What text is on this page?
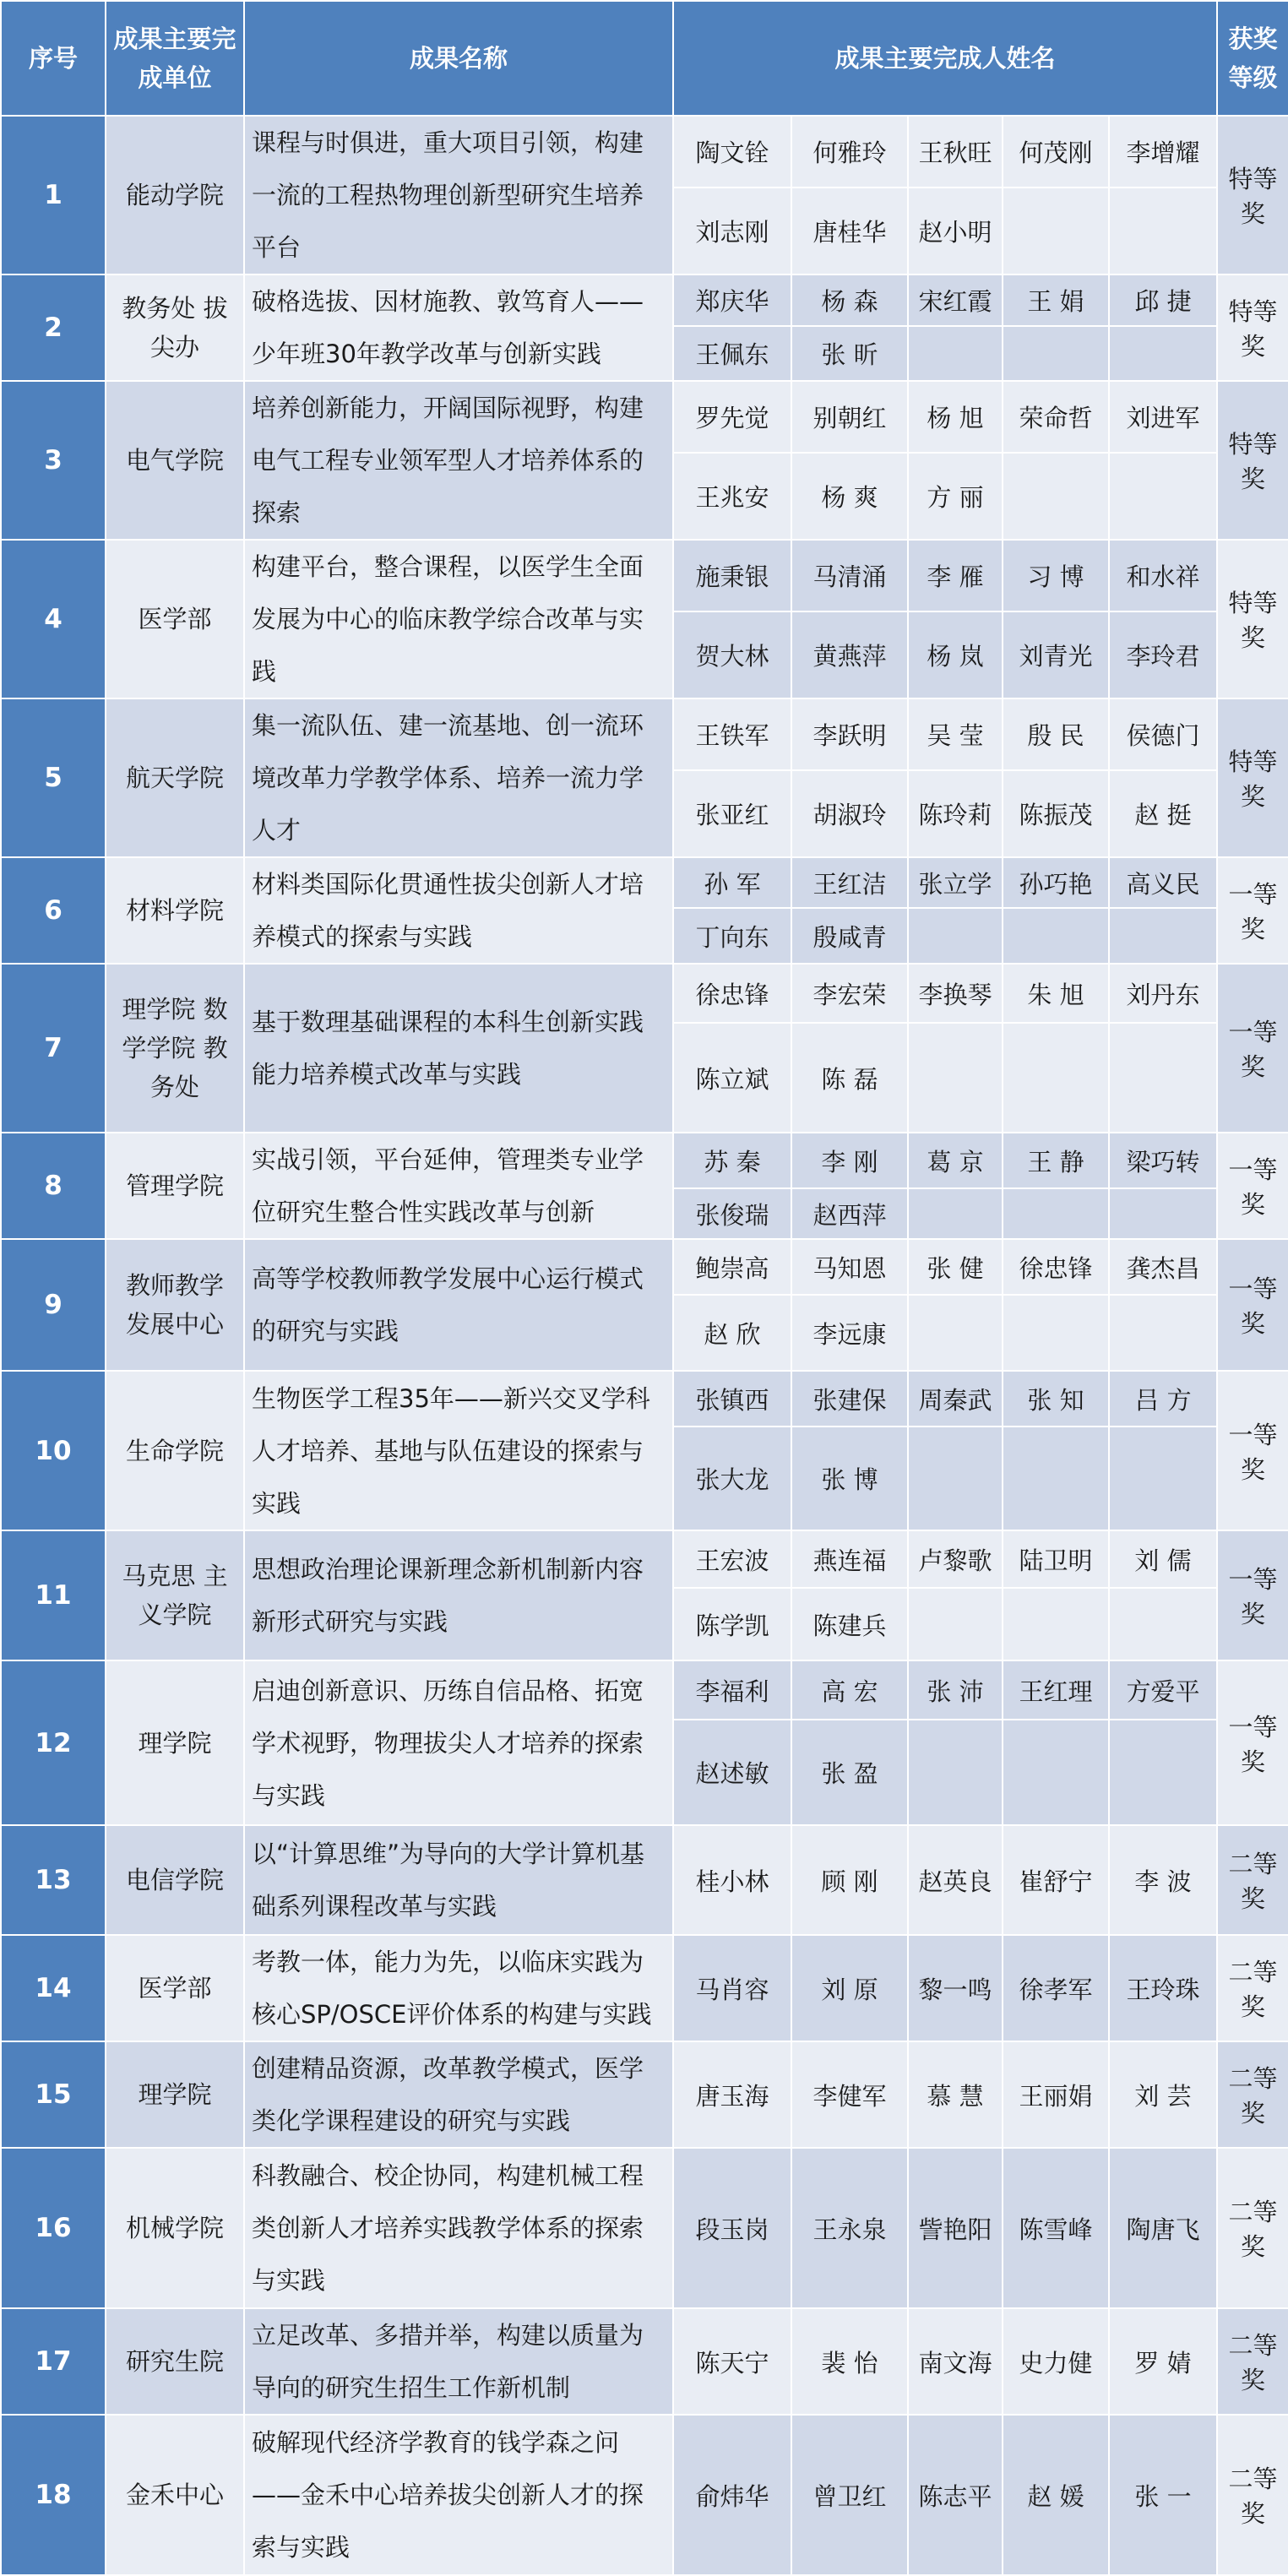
序号	成果主要完成单位	成果名称	成果主要完成人姓名					获奖等级
1	能动学院	课程与时俱进，重大项目引领，构建一流的工程热物理创新型研究生培养平台	陶文铨	何雅玲	王秋旺	何茂刚	李增耀	特等奖
			刘志刚	唐桂华	赵小明			
2	教务处 拔尖办	破格选拔、因材施教、敦笃育人——少年班30年教学改革与创新实践	郑庆华	杨 森	宋红霞	王 娟	邱 捷	特等奖
			王佩东	张 昕				
3	电气学院	培养创新能力，开阔国际视野，构建电气工程专业领军型人才培养体系的探索	罗先觉	别朝红	杨 旭	荣命哲	刘进军	特等奖
			王兆安	杨 爽	方 丽			
4	医学部	构建平台，整合课程，以医学生全面发展为中心的临床教学综合改革与实践	施秉银	马清涌	李 雁	习 博	和水祥	特等奖
			贺大林	黄燕萍	杨 岚	刘青光	李玲君	
5	航天学院	集一流队伍、建一流基地、创一流环境改革力学教学体系、培养一流力学人才	王铁军	李跃明	吴 莹	殷 民	侯德门	特等奖
			张亚红	胡淑玲	陈玲莉	陈振茂	赵 挺	
6	材料学院	材料类国际化贯通性拔尖创新人才培养模式的探索与实践	孙 军	王红洁	张立学	孙巧艳	高义民	一等奖
			丁向东	殷咸青				
7	理学院 数学学院 教务处	基于数理基础课程的本科生创新实践能力培养模式改革与实践	徐忠锋	李宏荣	李换琴	朱 旭	刘丹东	一等奖
			陈立斌	陈 磊				
8	管理学院	实战引领，平台延伸，管理类专业学位研究生整合性实践改革与创新	苏 秦	李 刚	葛 京	王 静	梁巧转	一等奖
			张俊瑞	赵西萍				
9	教师教学 发展中心	高等学校教师教学发展中心运行模式的研究与实践	鲍崇高	马知恩	张 健	徐忠锋	龚杰昌	一等奖
			赵 欣	李远康				
10	生命学院	生物医学工程35年——新兴交叉学科人才培养、基地与队伍建设的探索与实践	张镇西	张建保	周秦武	张 知	吕 方	一等奖
			张大龙	张 博				
11	马克思 主义学院	思想政治理论课新理念新机制新内容新形式研究与实践	王宏波	燕连福	卢黎歌	陆卫明	刘 儒	一等奖
			陈学凯	陈建兵				
12	理学院	启迪创新意识、历练自信品格、拓宽学术视野，物理拔尖人才培养的探索与实践	李福利	高 宏	张 沛	王红理	方爱平	一等奖
			赵述敏	张 盈				
13	电信学院	以“计算思维”为导向的大学计算机基础系列课程改革与实践	桂小林	顾 刚	赵英良	崔舒宁	李 波	二等奖
14	医学部	考教一体，能力为先，以临床实践为核心SP/OSCE评价体系的构建与实践	马肖容	刘 原	黎一鸣	徐孝军	王玲珠	二等奖
15	理学院	创建精品资源，改革教学模式，医学类化学课程建设的研究与实践	唐玉海	李健军	慕 慧	王丽娟	刘 芸	二等奖
16	机械学院	科教融合、校企协同，构建机械工程类创新人才培养实践教学体系的探索与实践	段玉岗	王永泉	訾艳阳	陈雪峰	陶唐飞	二等奖
17	研究生院	立足改革、多措并举，构建以质量为导向的研究生招生工作新机制	陈天宁	裴 怡	南文海	史力健	罗 婧	二等奖
18	金禾中心	破解现代经济学教育的钱学森之问——金禾中心培养拔尖创新人才的探索与实践	俞炜华	曾卫红	陈志平	赵 媛	张 一	二等奖
